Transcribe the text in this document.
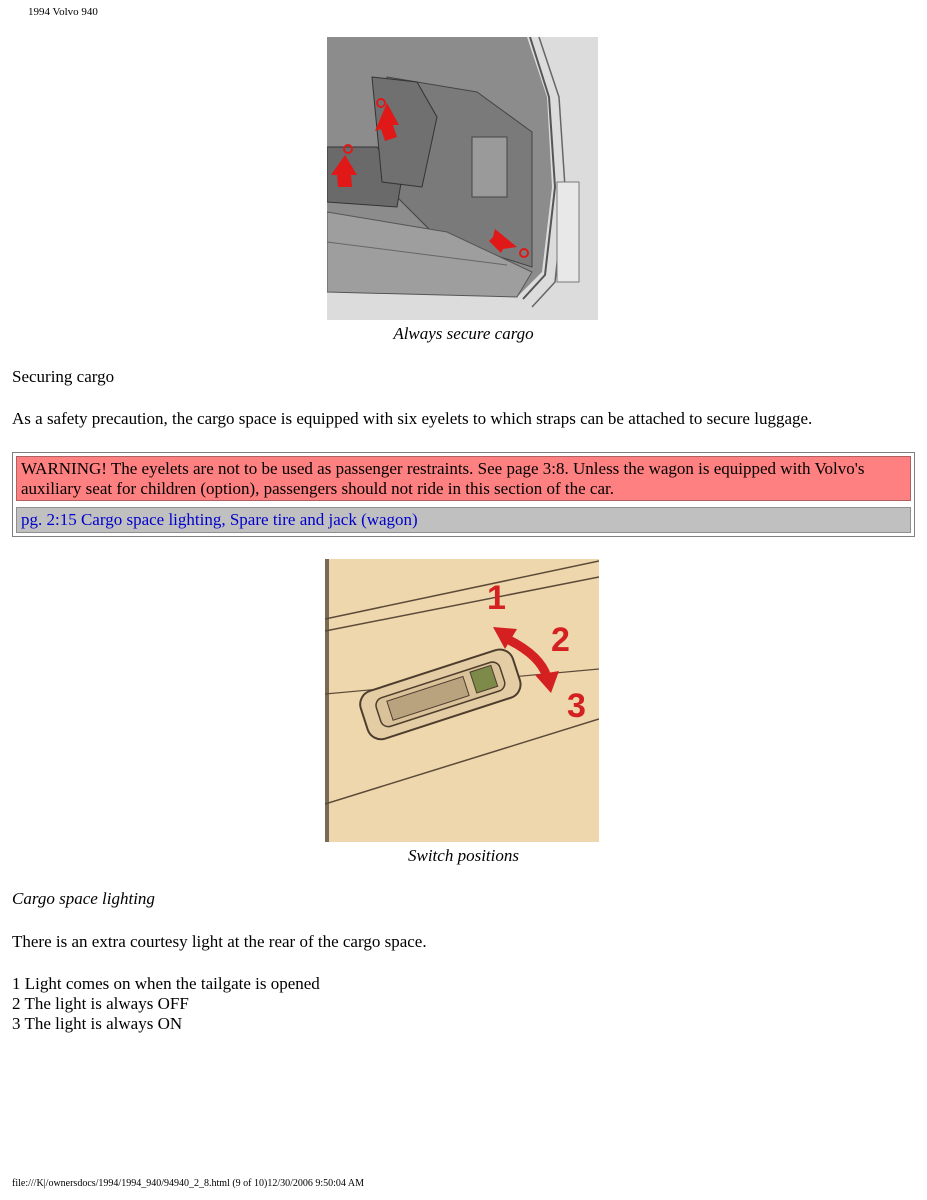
1994 Volvo 940
Always secure cargo
Securing cargo
As a safety precaution, the cargo space is equipped with six eyelets to which straps can be attached to secure luggage.
WARNING! The eyelets are not to be used as passenger restraints. See page 3:8. Unless the wagon is equipped with Volvo's auxiliary seat for children (option), passengers should not ride in this section of the car.
pg. 2:15 Cargo space lighting, Spare tire and jack (wagon)
1
2
3
Switch positions
Cargo space lighting
There is an extra courtesy light at the rear of the cargo space.
1 Light comes on when the tailgate is opened
2 The light is always OFF
3 The light is always ON
file:///K|/ownersdocs/1994/1994_940/94940_2_8.html (9 of 10)12/30/2006 9:50:04 AM
